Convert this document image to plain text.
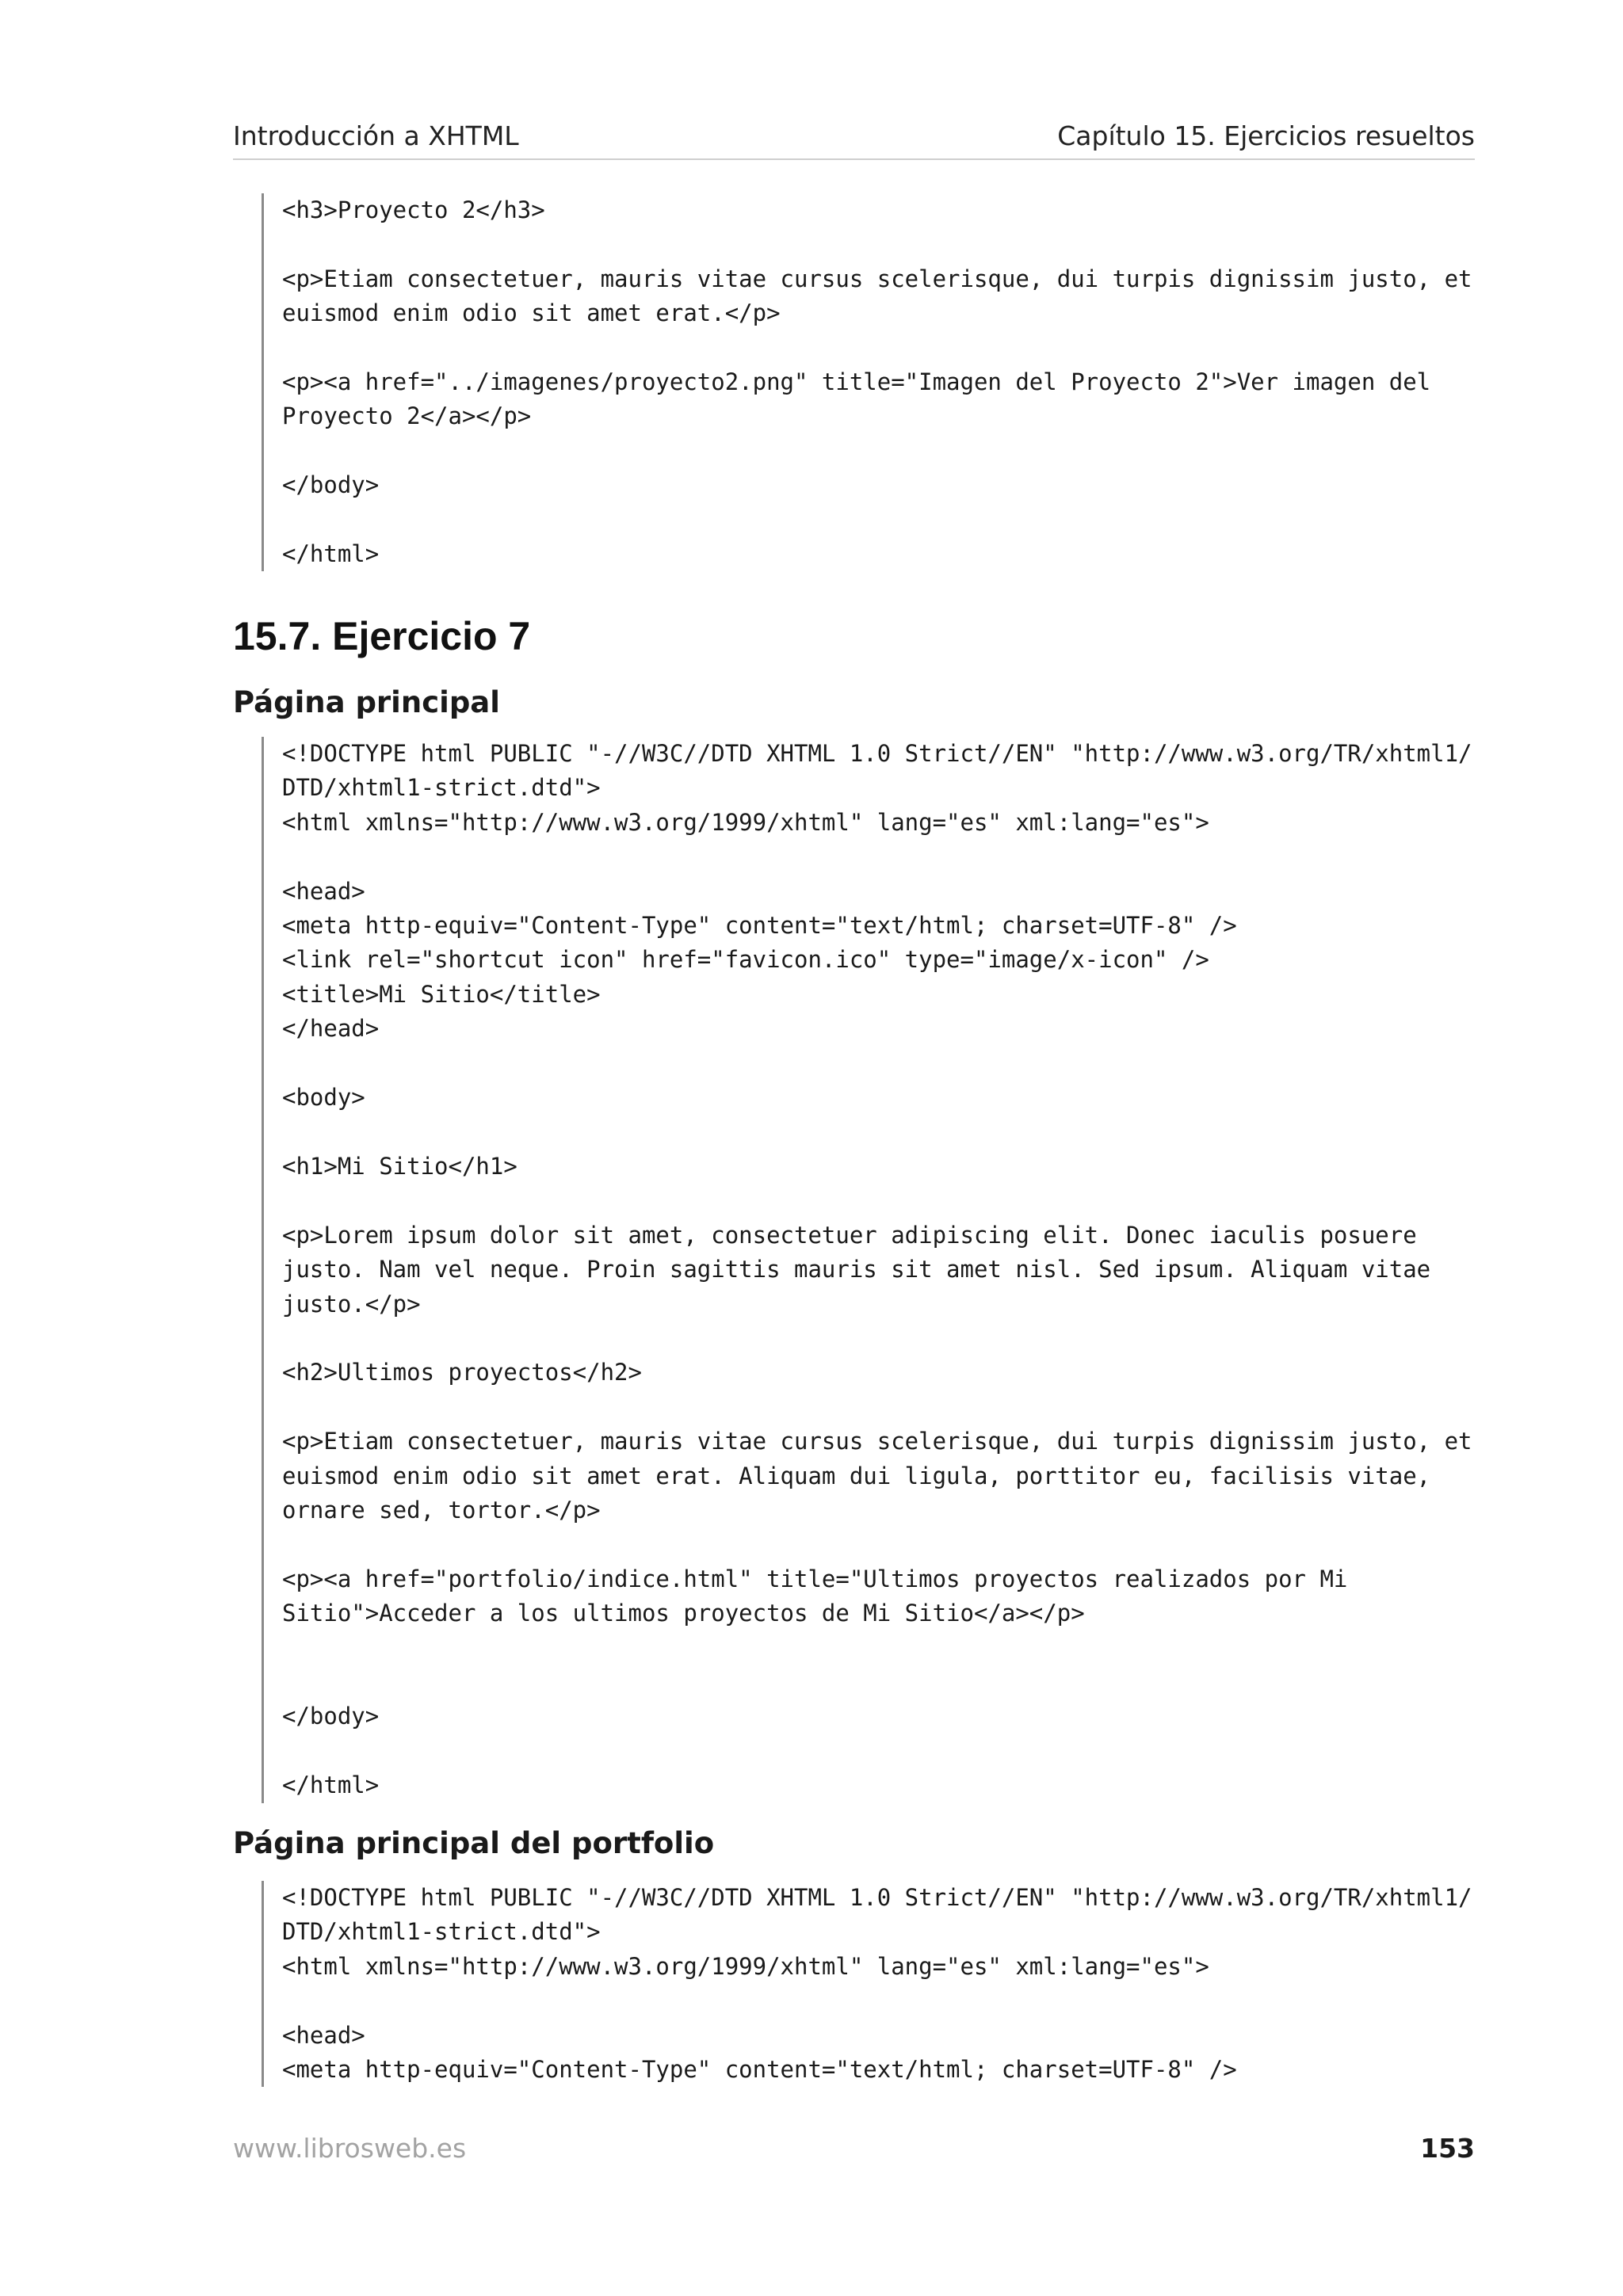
Introducción a XHTML	Capítulo 15. Ejercicios resueltos
<h3>Proyecto 2</h3>

<p>Etiam consectetuer, mauris vitae cursus scelerisque, dui turpis dignissim justo, et
euismod enim odio sit amet erat.</p>

<p><a href="../imagenes/proyecto2.png" title="Imagen del Proyecto 2">Ver imagen del
Proyecto 2</a></p>

</body>

</html>
15.7. Ejercicio 7
Página principal
<!DOCTYPE html PUBLIC "-//W3C//DTD XHTML 1.0 Strict//EN" "http://www.w3.org/TR/xhtml1/
DTD/xhtml1-strict.dtd">
<html xmlns="http://www.w3.org/1999/xhtml" lang="es" xml:lang="es">

<head>
<meta http-equiv="Content-Type" content="text/html; charset=UTF-8" />
<link rel="shortcut icon" href="favicon.ico" type="image/x-icon" />
<title>Mi Sitio</title>
</head>

<body>

<h1>Mi Sitio</h1>

<p>Lorem ipsum dolor sit amet, consectetuer adipiscing elit. Donec iaculis posuere
justo. Nam vel neque. Proin sagittis mauris sit amet nisl. Sed ipsum. Aliquam vitae
justo.</p>

<h2>Ultimos proyectos</h2>

<p>Etiam consectetuer, mauris vitae cursus scelerisque, dui turpis dignissim justo, et
euismod enim odio sit amet erat. Aliquam dui ligula, porttitor eu, facilisis vitae,
ornare sed, tortor.</p>

<p><a href="portfolio/indice.html" title="Ultimos proyectos realizados por Mi
Sitio">Acceder a los ultimos proyectos de Mi Sitio</a></p>

</body>

</html>
Página principal del portfolio
<!DOCTYPE html PUBLIC "-//W3C//DTD XHTML 1.0 Strict//EN" "http://www.w3.org/TR/xhtml1/
DTD/xhtml1-strict.dtd">
<html xmlns="http://www.w3.org/1999/xhtml" lang="es" xml:lang="es">

<head>
<meta http-equiv="Content-Type" content="text/html; charset=UTF-8" />
www.librosweb.es	153
